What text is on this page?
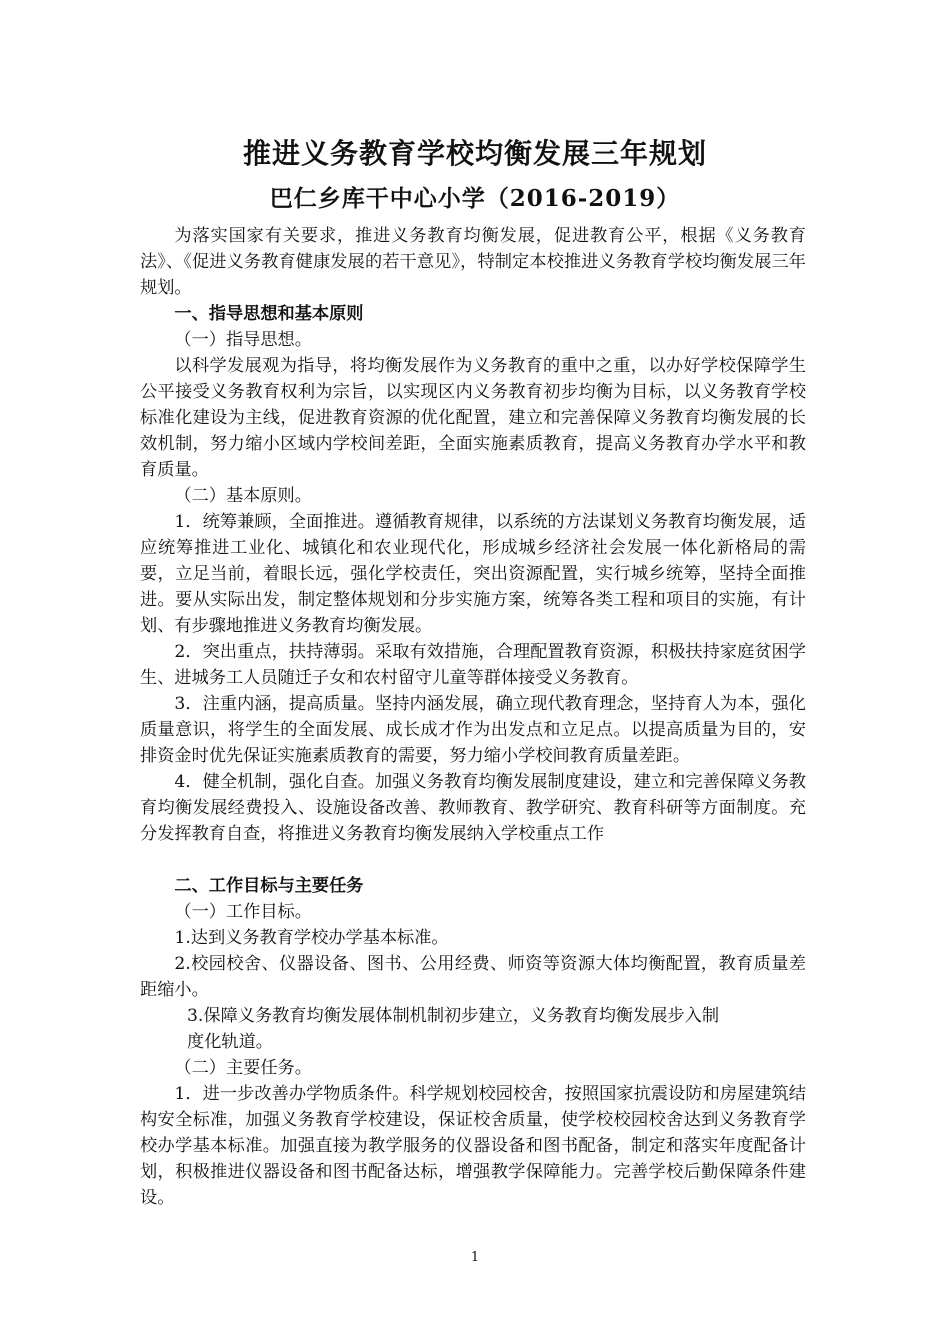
推进义务教育学校均衡发展三年规划
巴仁乡库干中心小学（2016-2019）

为落实国家有关要求，推进义务教育均衡发展，促进教育公平，根据《义务教育法》、《促进义务教育健康发展的若干意见》，特制定本校推进义务教育学校均衡发展三年规划。

一、指导思想和基本原则

（一）指导思想。

以科学发展观为指导，将均衡发展作为义务教育的重中之重，以办好学校保障学生公平接受义务教育权利为宗旨，以实现区内义务教育初步均衡为目标，以义务教育学校标准化建设为主线，促进教育资源的优化配置，建立和完善保障义务教育均衡发展的长效机制，努力缩小区域内学校间差距，全面实施素质教育，提高义务教育办学水平和教育质量。

（二）基本原则。

1．统筹兼顾，全面推进。遵循教育规律，以系统的方法谋划义务教育均衡发展，适应统筹推进工业化、城镇化和农业现代化，形成城乡经济社会发展一体化新格局的需要，立足当前，着眼长远，强化学校责任，突出资源配置，实行城乡统筹，坚持全面推进。要从实际出发，制定整体规划和分步实施方案，统筹各类工程和项目的实施，有计划、有步骤地推进义务教育均衡发展。

2．突出重点，扶持薄弱。采取有效措施，合理配置教育资源，积极扶持家庭贫困学生、进城务工人员随迁子女和农村留守儿童等群体接受义务教育。

3．注重内涵，提高质量。坚持内涵发展，确立现代教育理念，坚持育人为本，强化质量意识，将学生的全面发展、成长成才作为出发点和立足点。以提高质量为目的，安排资金时优先保证实施素质教育的需要，努力缩小学校间教育质量差距。

4．健全机制，强化自查。加强义务教育均衡发展制度建设，建立和完善保障义务教育均衡发展经费投入、设施设备改善、教师教育、教学研究、教育科研等方面制度。充分发挥教育自查，将推进义务教育均衡发展纳入学校重点工作

二、工作目标与主要任务

（一）工作目标。

1.达到义务教育学校办学基本标准。

2.校园校舍、仪器设备、图书、公用经费、师资等资源大体均衡配置，教育质量差距缩小。

3.保障义务教育均衡发展体制机制初步建立，义务教育均衡发展步入制
度化轨道。

（二）主要任务。

1．进一步改善办学物质条件。科学规划校园校舍，按照国家抗震设防和房屋建筑结构安全标准，加强义务教育学校建设，保证校舍质量，使学校校园校舍达到义务教育学校办学基本标准。加强直接为教学服务的仪器设备和图书配备，制定和落实年度配备计划，积极推进仪器设备和图书配备达标，增强教学保障能力。完善学校后勤保障条件建设。

1
